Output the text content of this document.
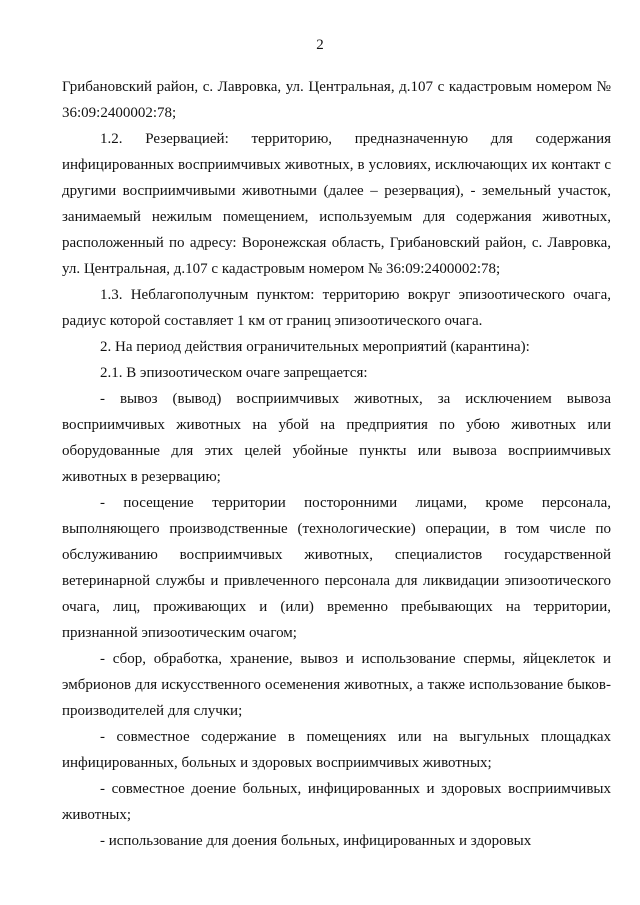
2

Грибановский район, с. Лавровка, ул. Центральная, д.107 с кадастровым номером № 36:09:2400002:78;

1.2. Резервацией: территорию, предназначенную для содержания инфицированных восприимчивых животных, в условиях, исключающих их контакт с другими восприимчивыми животными (далее – резервация), - земельный участок, занимаемый нежилым помещением, используемым для содержания животных, расположенный по адресу: Воронежская область, Грибановский район, с. Лавровка, ул. Центральная, д.107 с кадастровым номером № 36:09:2400002:78;

1.3. Неблагополучным пунктом: территорию вокруг эпизоотического очага, радиус которой составляет 1 км от границ эпизоотического очага.

2. На период действия ограничительных мероприятий (карантина):

2.1. В эпизоотическом очаге запрещается:

- вывоз (вывод) восприимчивых животных, за исключением вывоза восприимчивых животных на убой на предприятия по убою животных или оборудованные для этих целей убойные пункты или вывоза восприимчивых животных в резервацию;

- посещение территории посторонними лицами, кроме персонала, выполняющего производственные (технологические) операции, в том числе по обслуживанию восприимчивых животных, специалистов государственной ветеринарной службы и привлеченного персонала для ликвидации эпизоотического очага, лиц, проживающих и (или) временно пребывающих на территории, признанной эпизоотическим очагом;

- сбор, обработка, хранение, вывоз и использование спермы, яйцеклеток и эмбрионов для искусственного осеменения животных, а также использование быков-производителей для случки;

- совместное содержание в помещениях или на выгульных площадках инфицированных, больных и здоровых восприимчивых животных;

- совместное доение больных, инфицированных и здоровых восприимчивых животных;

- использование для доения больных, инфицированных и здоровых
